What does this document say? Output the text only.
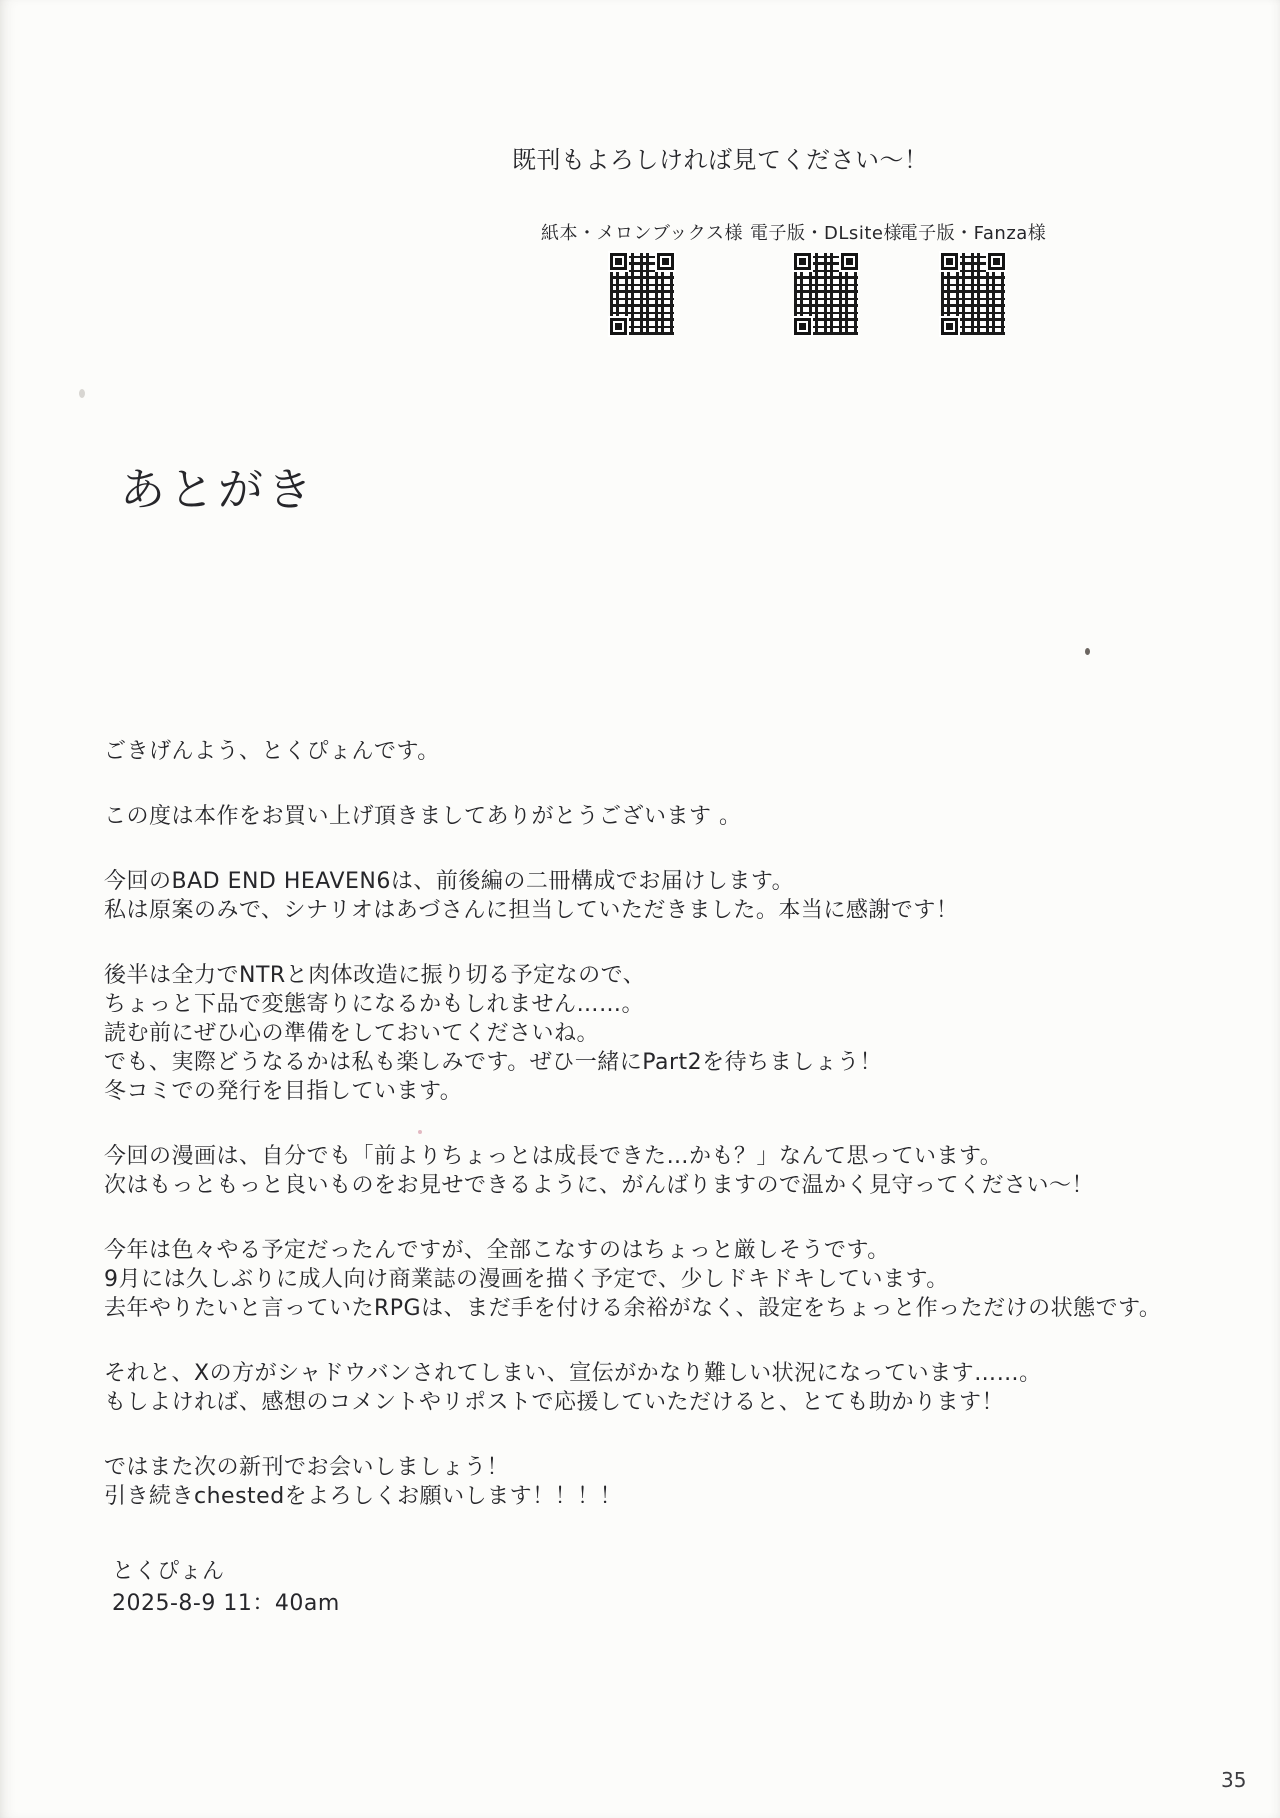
既刊もよろしければ見てください〜！
紙本・メロンブックス様 電子版・DLsite様
電子版・Fanza様
あとがき
ごきげんよう、とくぴょんです。
この度は本作をお買い上げ頂きましてありがとうございます 。
今回のBAD END HEAVEN6は、前後編の二冊構成でお届けします。
私は原案のみで、シナリオはあづさんに担当していただきました。本当に感謝です！
後半は全力でNTRと肉体改造に振り切る予定なので、
ちょっと下品で変態寄りになるかもしれません……。
読む前にぜひ心の準備をしておいてくださいね。
でも、実際どうなるかは私も楽しみです。ぜひ一緒にPart2を待ちましょう！
冬コミでの発行を目指しています。
今回の漫画は、自分でも「前よりちょっとは成長できた…かも？」なんて思っています。
次はもっともっと良いものをお見せできるように、がんばりますので温かく見守ってください〜！
今年は色々やる予定だったんですが、全部こなすのはちょっと厳しそうです。
9月には久しぶりに成人向け商業誌の漫画を描く予定で、少しドキドキしています。
去年やりたいと言っていたRPGは、まだ手を付ける余裕がなく、設定をちょっと作っただけの状態です。
それと、Xの方がシャドウバンされてしまい、宣伝がかなり難しい状況になっています……。
もしよければ、感想のコメントやリポストで応援していただけると、とても助かります！
ではまた次の新刊でお会いしましょう！
引き続きchestedをよろしくお願いします！！！！
とくぴょん
2025-8-9 11：40am
35
